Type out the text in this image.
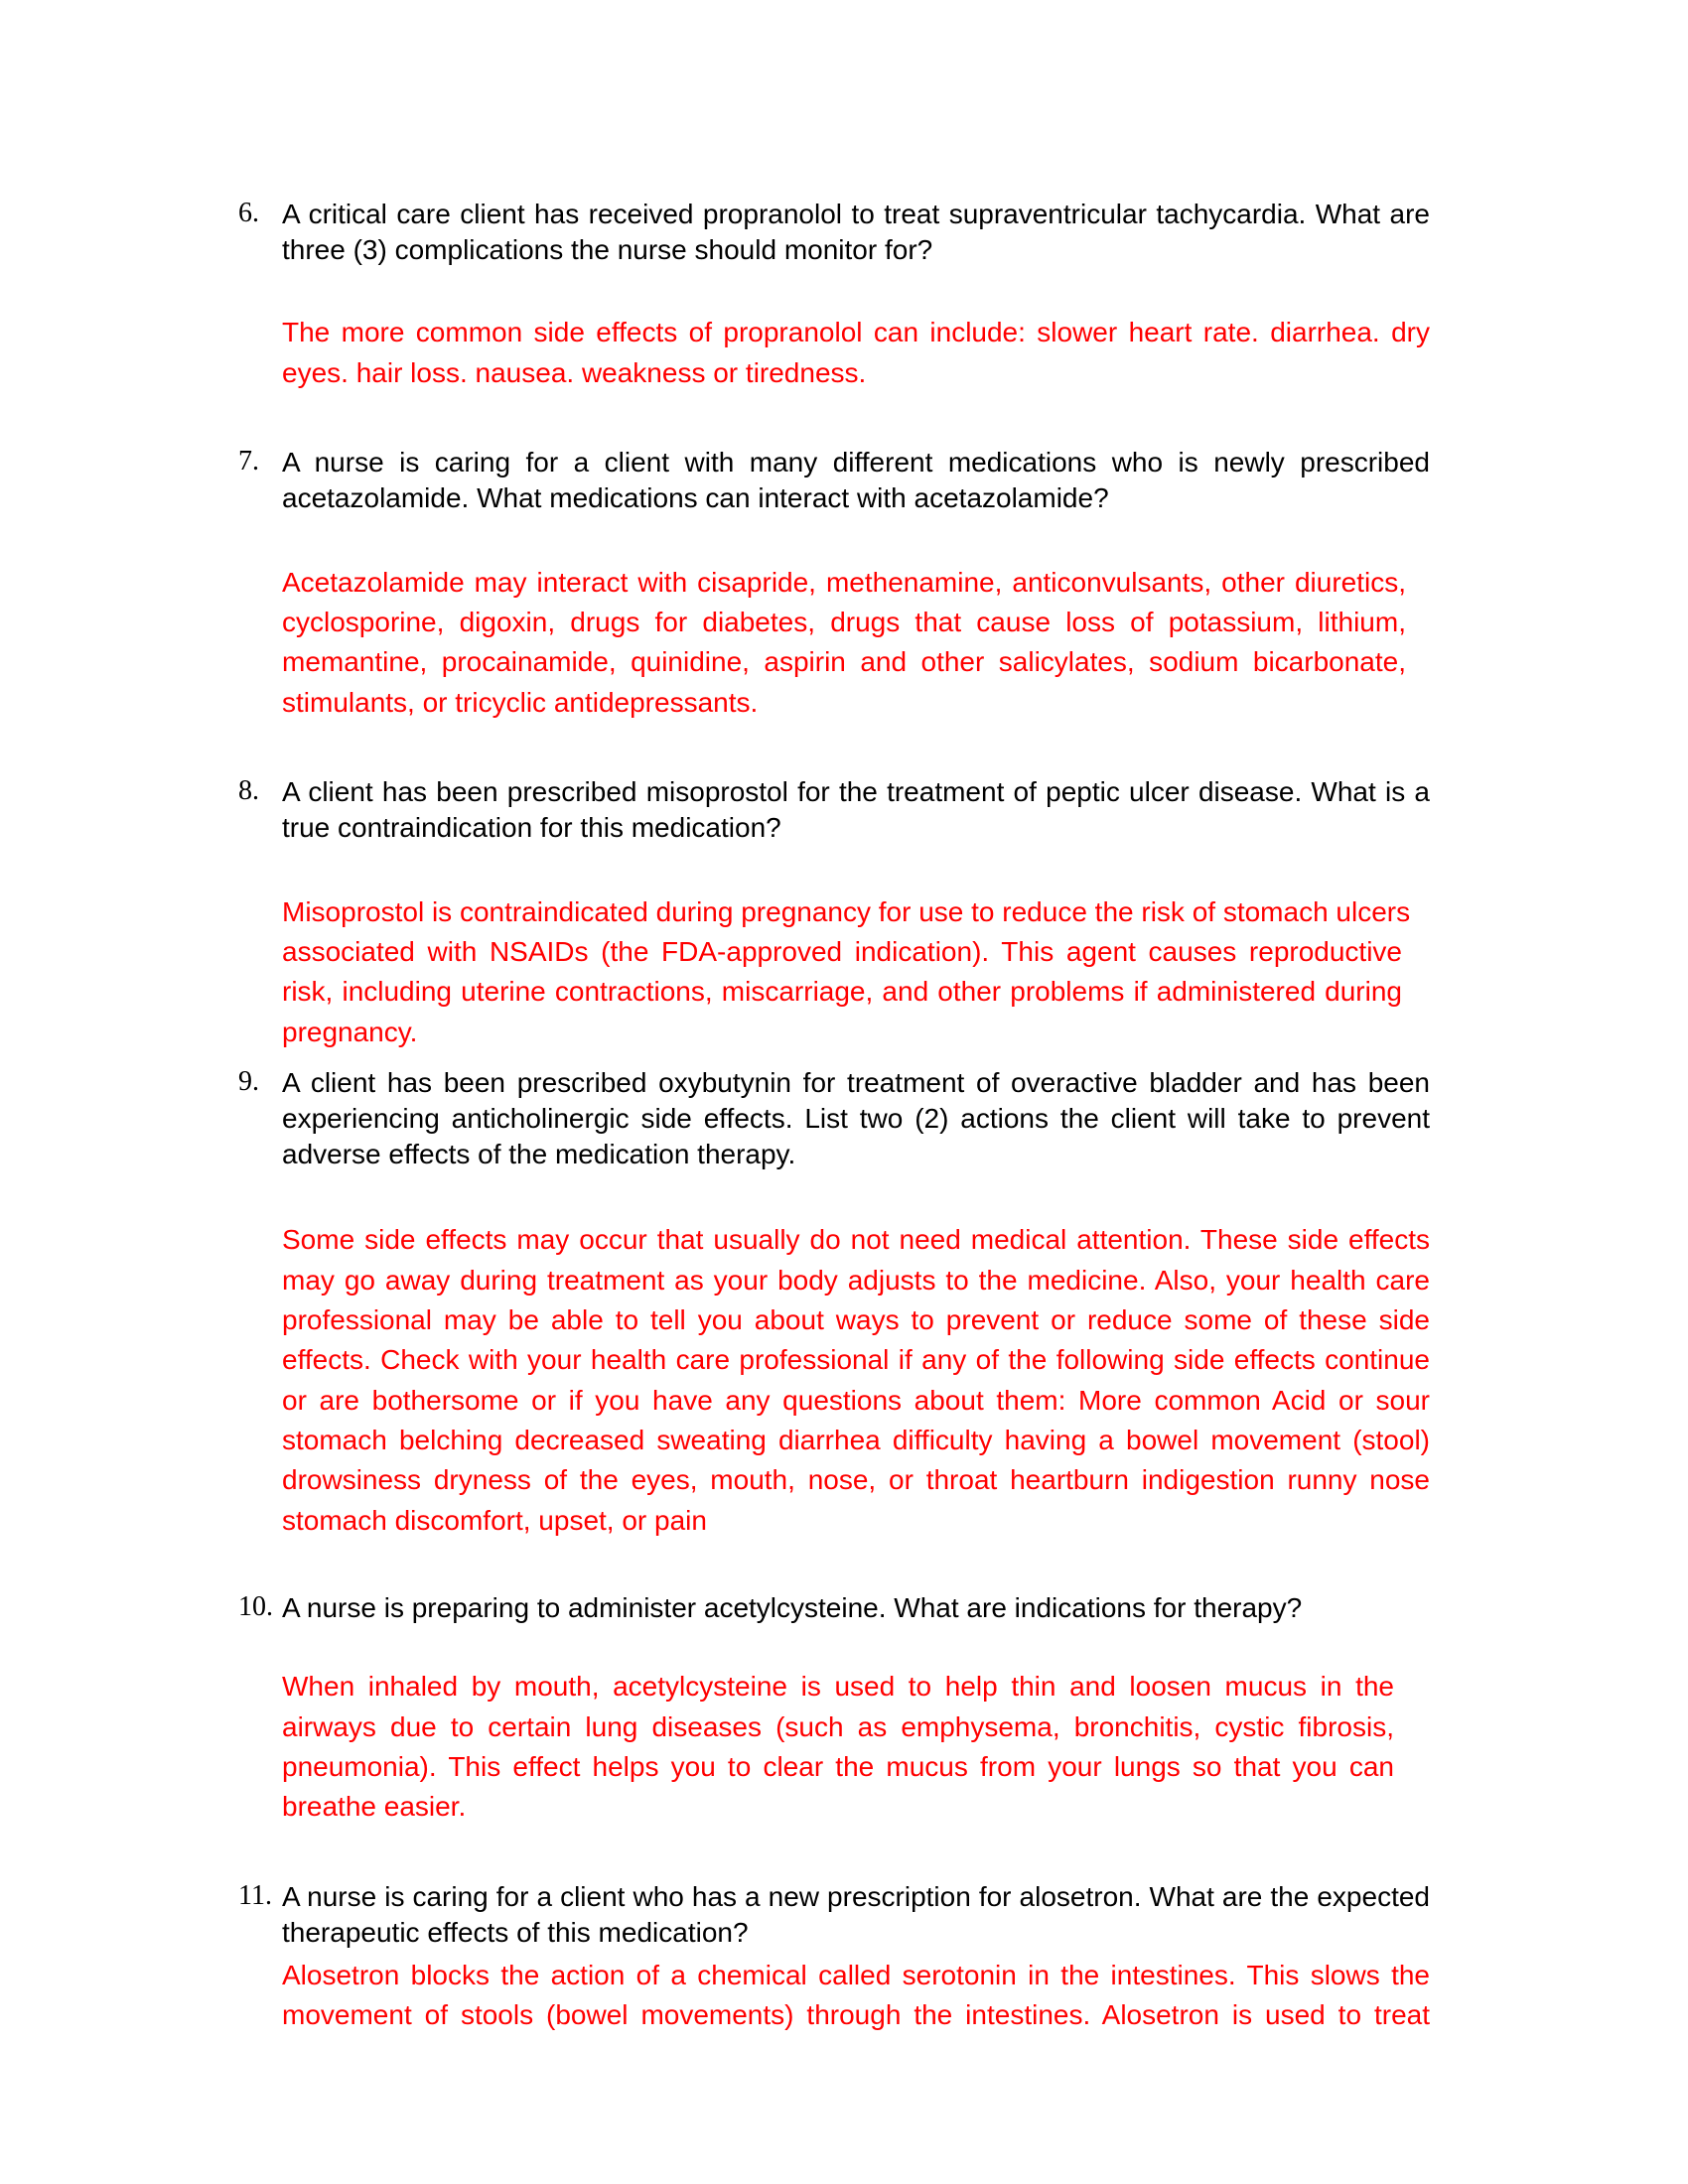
6. A critical care client has received propranolol to treat supraventricular tachycardia. What are
three (3) complications the nurse should monitor for?
The more common side effects of propranolol can include: slower heart rate. diarrhea. dry
eyes. hair loss. nausea. weakness or tiredness.
7. A nurse is caring for a client with many different medications who is newly prescribed
acetazolamide. What medications can interact with acetazolamide?
Acetazolamide may interact with cisapride, methenamine, anticonvulsants, other diuretics,
cyclosporine, digoxin, drugs for diabetes, drugs that cause loss of potassium, lithium,
memantine, procainamide, quinidine, aspirin and other salicylates, sodium bicarbonate,
stimulants, or tricyclic antidepressants.
8. A client has been prescribed misoprostol for the treatment of peptic ulcer disease. What is a
true contraindication for this medication?
Misoprostol is contraindicated during pregnancy for use to reduce the risk of stomach ulcers
associated with NSAIDs (the FDA-approved indication). This agent causes reproductive
risk, including uterine contractions, miscarriage, and other problems if administered during
pregnancy.
9. A client has been prescribed oxybutynin for treatment of overactive bladder and has been
experiencing anticholinergic side effects. List two (2) actions the client will take to prevent
adverse effects of the medication therapy.
Some side effects may occur that usually do not need medical attention. These side effects
may go away during treatment as your body adjusts to the medicine. Also, your health care
professional may be able to tell you about ways to prevent or reduce some of these side
effects. Check with your health care professional if any of the following side effects continue
or are bothersome or if you have any questions about them: More common Acid or sour
stomach belching decreased sweating diarrhea difficulty having a bowel movement (stool)
drowsiness dryness of the eyes, mouth, nose, or throat heartburn indigestion runny nose
stomach discomfort, upset, or pain
10. A nurse is preparing to administer acetylcysteine. What are indications for therapy?
When inhaled by mouth, acetylcysteine is used to help thin and loosen mucus in the
airways due to certain lung diseases (such as emphysema, bronchitis, cystic fibrosis,
pneumonia). This effect helps you to clear the mucus from your lungs so that you can
breathe easier.
11. A nurse is caring for a client who has a new prescription for alosetron. What are the expected
therapeutic effects of this medication?
Alosetron blocks the action of a chemical called serotonin in the intestines. This slows the
movement of stools (bowel movements) through the intestines. Alosetron is used to treat
